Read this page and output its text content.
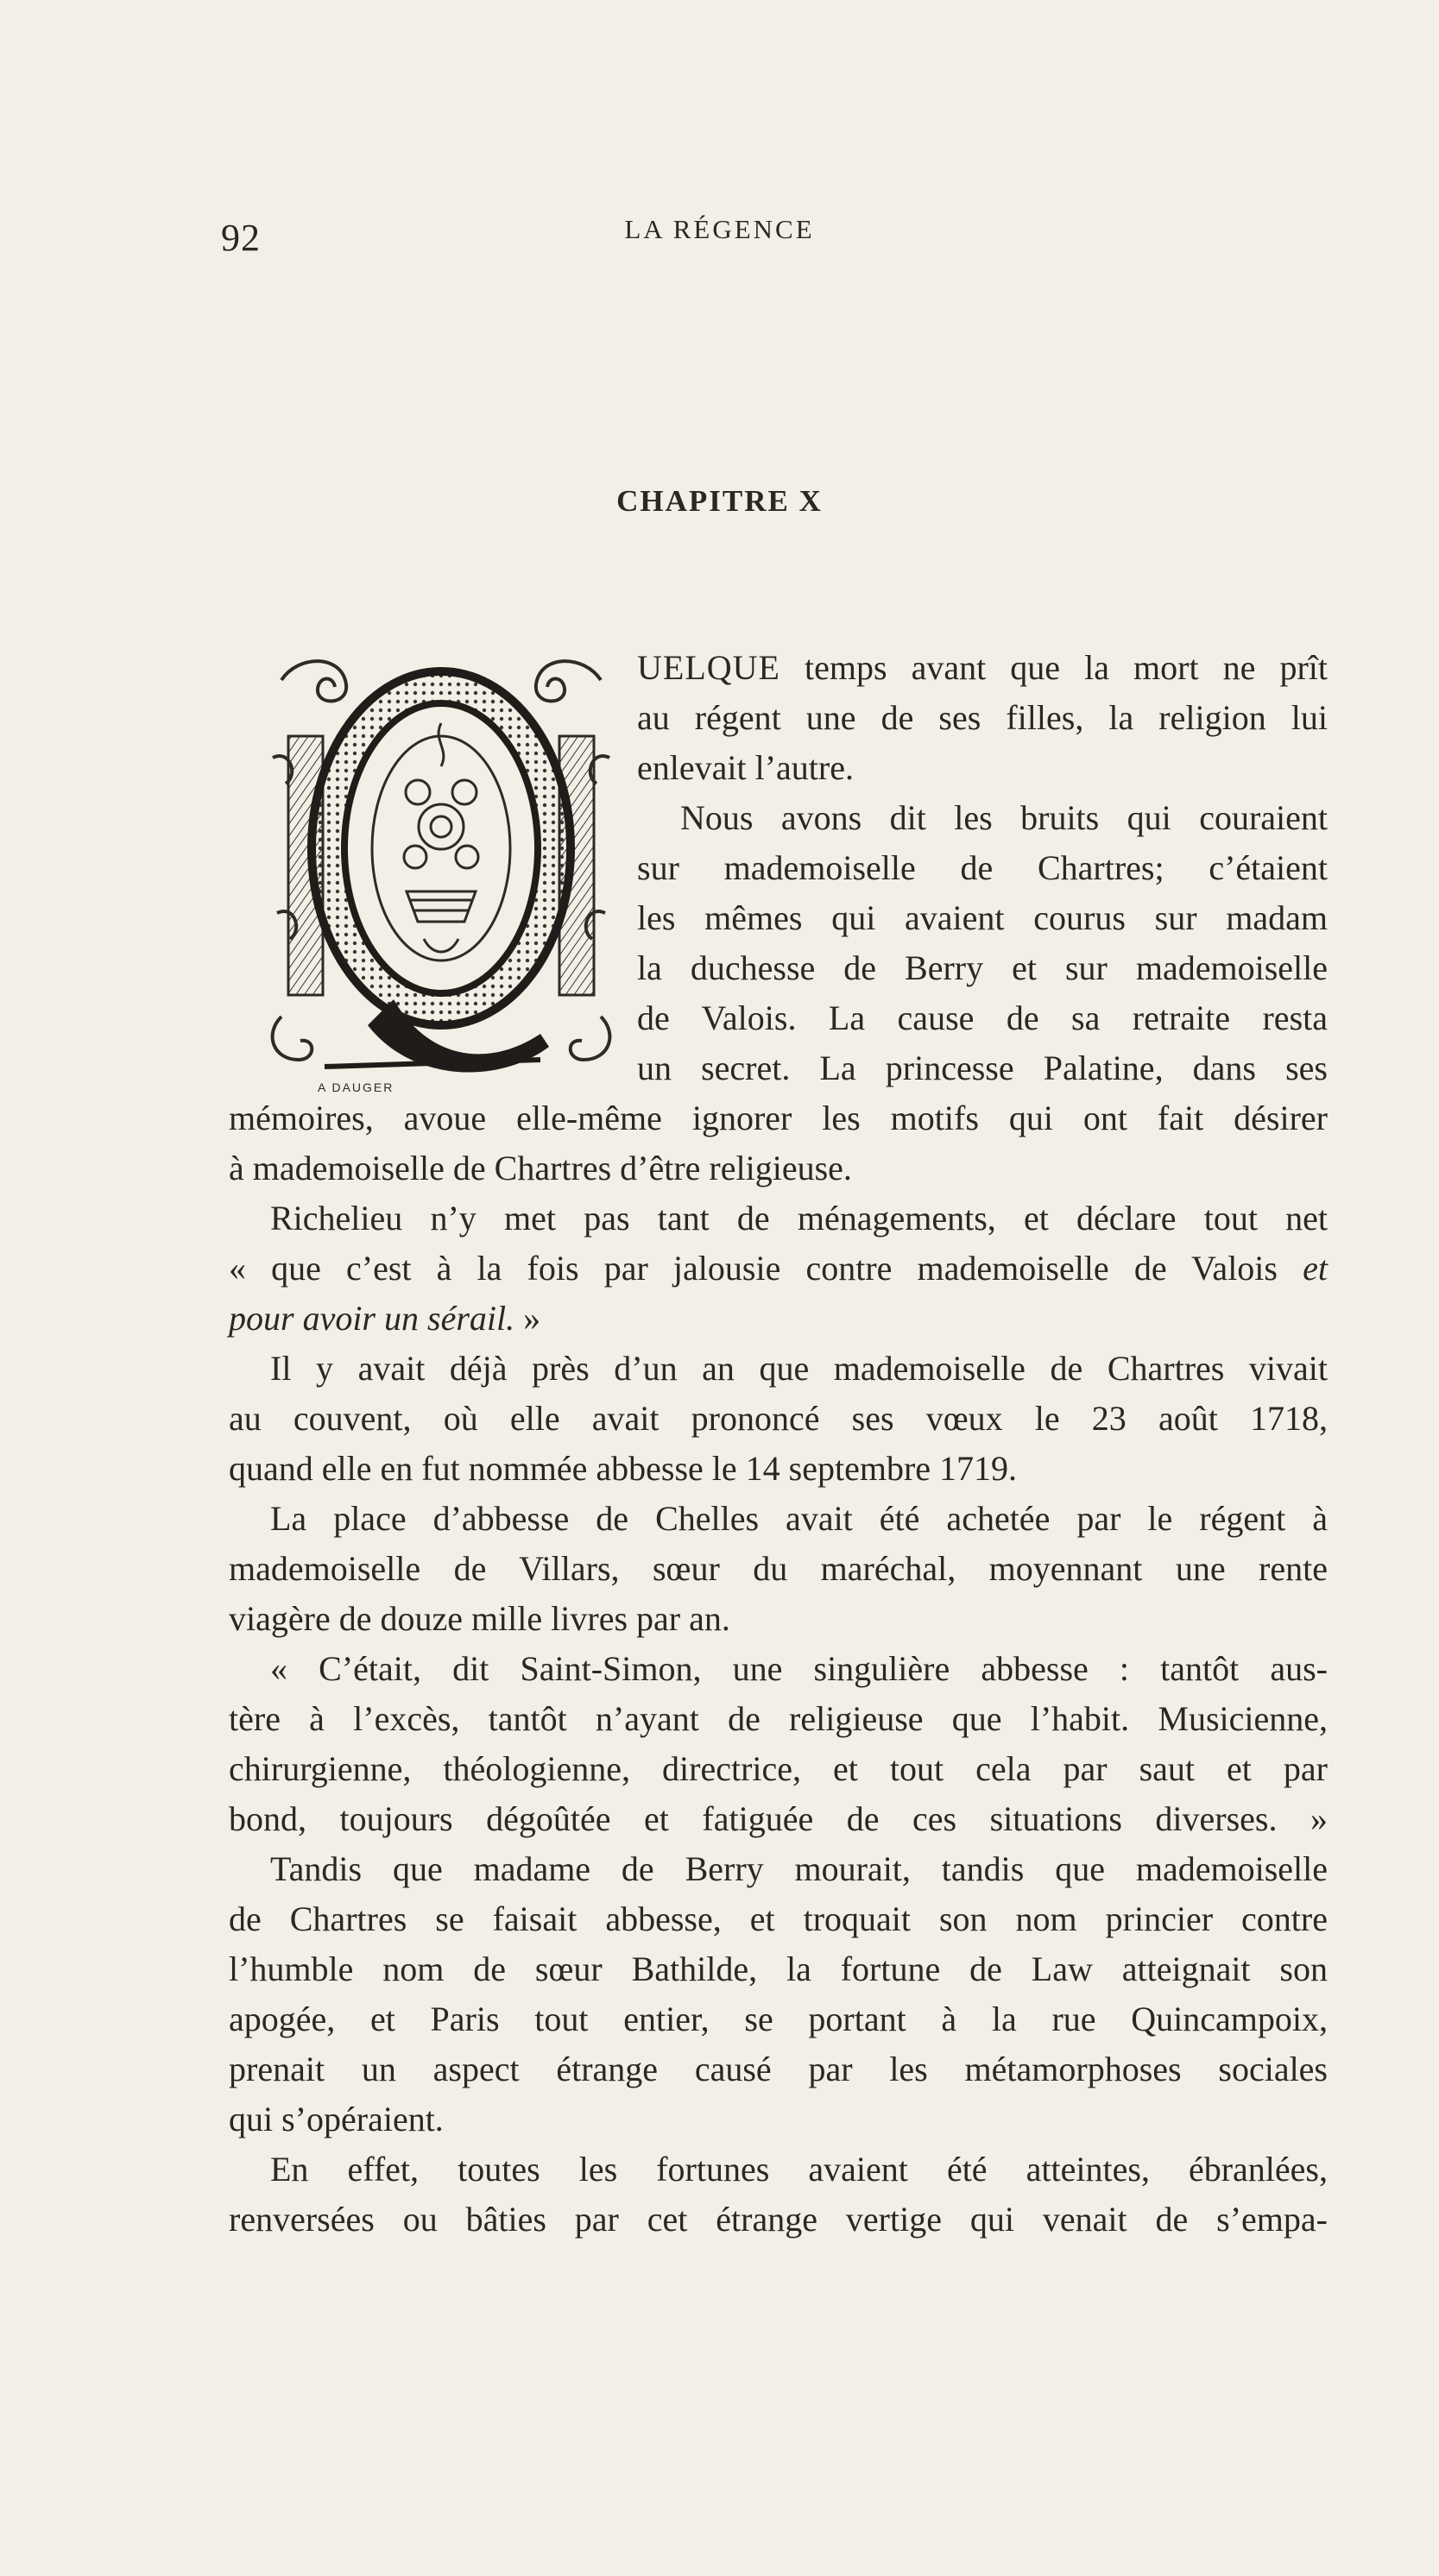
92	LA RÉGENCE
CHAPITRE X
A DAUGER
UELQUE temps avant que la mort ne prît
au régent une de ses filles, la religion lui
enlevait l’autre.
Nous avons dit les bruits qui couraient
sur mademoiselle de Chartres; c’étaient
les mêmes qui avaient courus sur madam
la duchesse de Berry et sur mademoiselle
de Valois. La cause de sa retraite resta
un secret. La princesse Palatine, dans ses
mémoires, avoue elle-même ignorer les motifs qui ont fait désirer
à mademoiselle de Chartres d’être religieuse.
Richelieu n’y met pas tant de ménagements, et déclare tout net
« que c’est à la fois par jalousie contre mademoiselle de Valois et
pour avoir un sérail. »
Il y avait déjà près d’un an que mademoiselle de Chartres vivait
au couvent, où elle avait prononcé ses vœux le 23 août 1718,
quand elle en fut nommée abbesse le 14 septembre 1719.
La place d’abbesse de Chelles avait été achetée par le régent à
mademoiselle de Villars, sœur du maréchal, moyennant une rente
viagère de douze mille livres par an.
« C’était, dit Saint-Simon, une singulière abbesse : tantôt aus-
tère à l’excès, tantôt n’ayant de religieuse que l’habit. Musicienne,
chirurgienne, théologienne, directrice, et tout cela par saut et par
bond, toujours dégoûtée et fatiguée de ces situations diverses. »
Tandis que madame de Berry mourait, tandis que mademoiselle
de Chartres se faisait abbesse, et troquait son nom princier contre
l’humble nom de sœur Bathilde, la fortune de Law atteignait son
apogée, et Paris tout entier, se portant à la rue Quincampoix,
prenait un aspect étrange causé par les métamorphoses sociales
qui s’opéraient.
En effet, toutes les fortunes avaient été atteintes, ébranlées,
renversées ou bâties par cet étrange vertige qui venait de s’empa-
